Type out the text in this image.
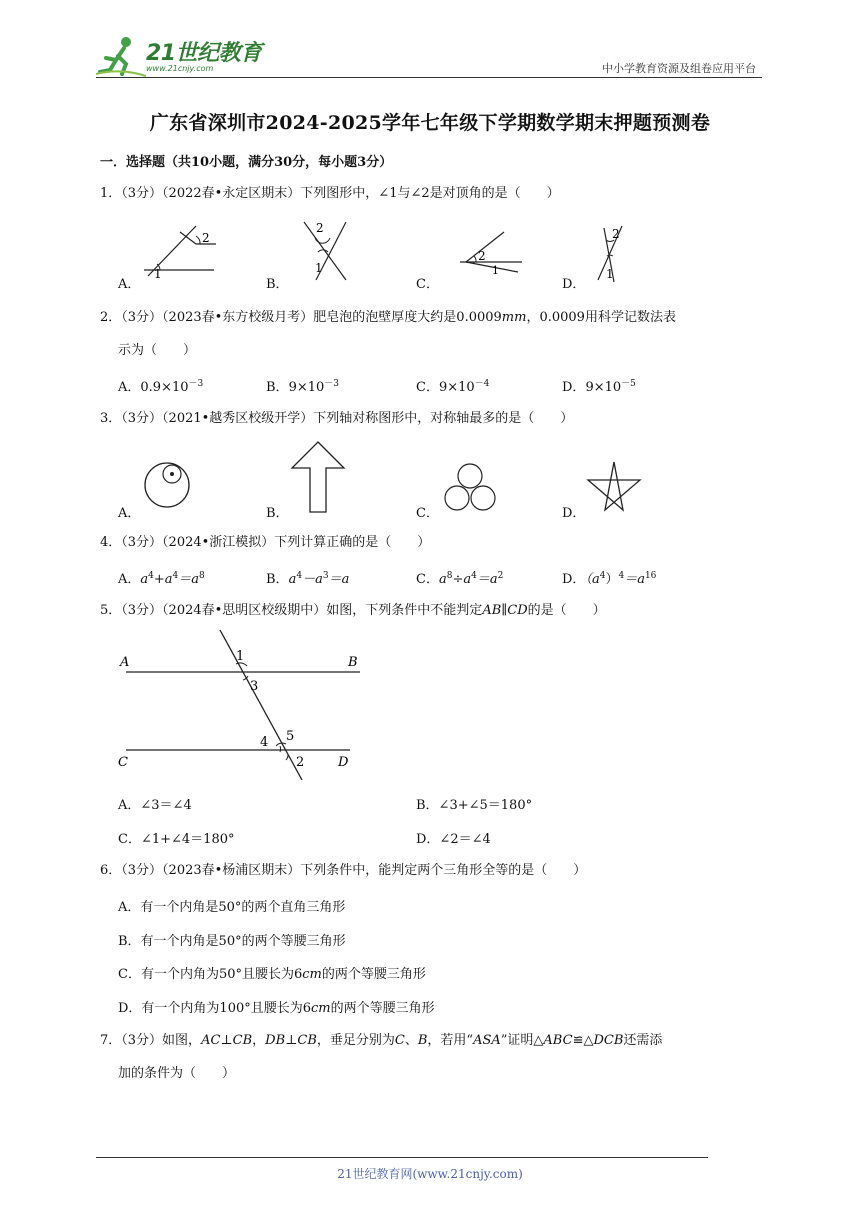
21世纪教育
www.21cnjy.com	中小学教育资源及组卷应用平台
广东省深圳市2024-2025学年七年级下学期数学期末押题预测卷
一．选择题（共10小题，满分30分，每小题3分）
1．（3分）（2022春•永定区期末）下列图形中，∠1与∠2是对顶角的是（　　）
A．	B．	C．	D．
1
2
2
1
2
1
2
1
2．（3分）（2023春•东方校级月考）肥皂泡的泡壁厚度大约是0.0009mm，0.0009用科学记数法表
示为（　　）
A．$0.9\times 10^{-3}$	B．$9\times 10^{-3}$	C．$9\times 10^{-4}$	D．$9\times 10^{-5}$
3．（3分）（2021•越秀区校级开学）下列轴对称图形中，对称轴最多的是（　　）
A．	B．	C．	D．
4．（3分）（2024•浙江模拟）下列计算正确的是（　　）
A．$a^4+a^4=a^8$	B．$a^4-a^3=a$	C．$a^8\div a^4=a^2$	D．$(a^4)^4=a^{16}$
5．（3分）（2024春•思明区校级期中）如图，下列条件中不能判定AB∥CD的是（　　）
A	B
C	D
1
2
3
4 5
A．∠3＝∠4	B．∠3+∠5＝180°
C．∠1+∠4＝180°	D．∠2＝∠4
6．（3分）（2023春•杨浦区期末）下列条件中，能判定两个三角形全等的是（　　）
A．有一个内角是50°的两个直角三角形
B．有一个内角是50°的两个等腰三角形
C．有一个内角为50°且腰长为6cm的两个等腰三角形
D．有一个内角为100°且腰长为6cm的两个等腰三角形
7．（3分）如图，AC⊥CB，DB⊥CB，垂足分别为C、B，若用“ASA”证明△ABC≌△DCB还需添
加的条件为（　　）
21世纪教育网(www.21cnjy.com)
